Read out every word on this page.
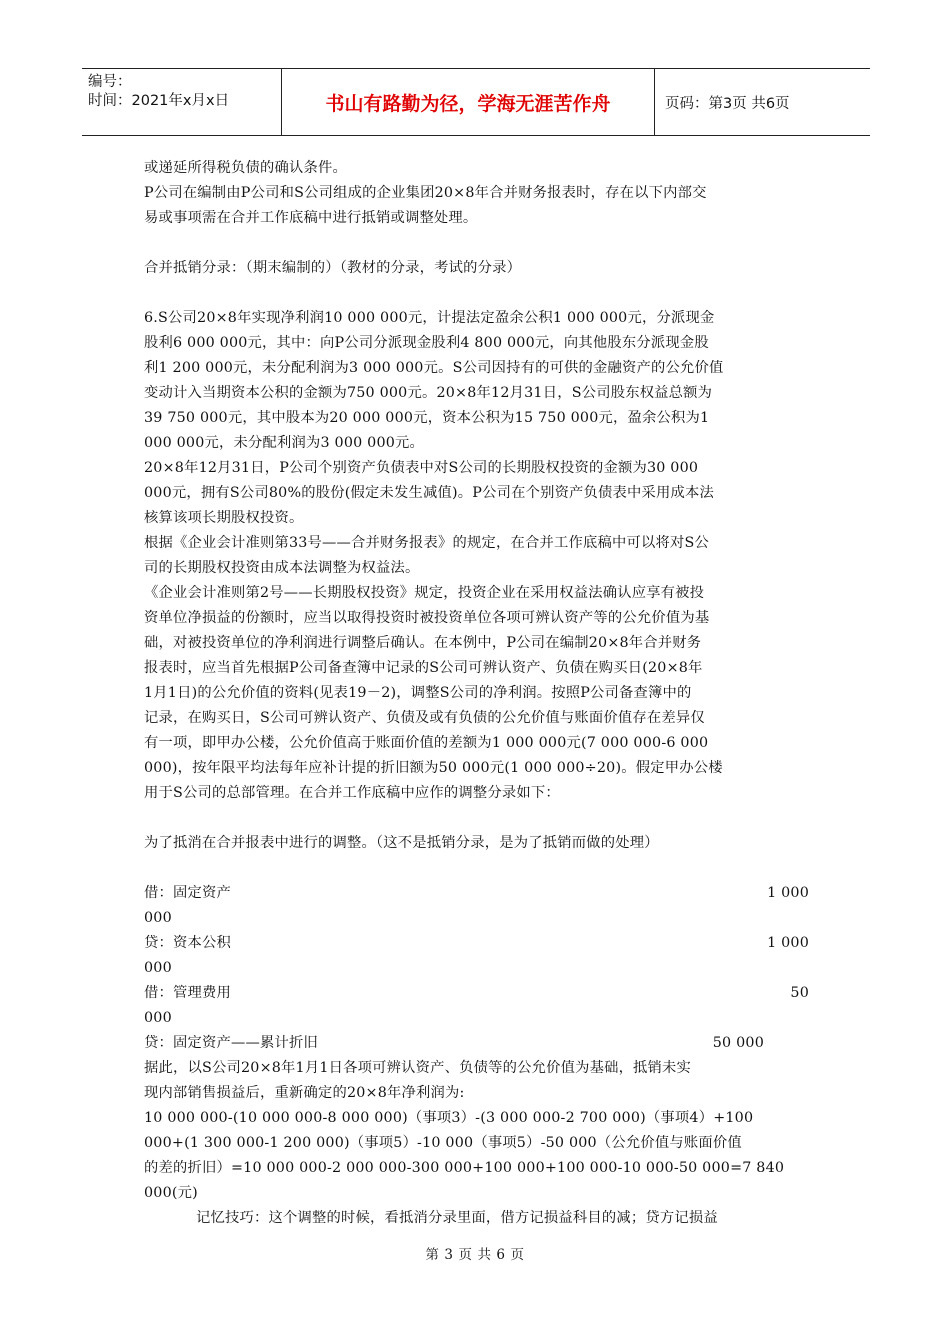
编号：
时间：2021年x月x日	书山有路勤为径，学海无涯苦作舟	页码：第3页 共6页

或递延所得税负债的确认条件。

P公司在编制由P公司和S公司组成的企业集团20×8年合并财务报表时，存在以下内部交

易或事项需在合并工作底稿中进行抵销或调整处理。

合并抵销分录：（期末编制的）（教材的分录，考试的分录）

6.S公司20×8年实现净利润10 000 000元，计提法定盈余公积1 000 000元，分派现金

股利6 000 000元，其中：向P公司分派现金股利4 800 000元，向其他股东分派现金股

利1 200 000元，未分配利润为3 000 000元。S公司因持有的可供的金融资产的公允价值

变动计入当期资本公积的金额为750 000元。20×8年12月31日，S公司股东权益总额为

39 750 000元，其中股本为20 000 000元，资本公积为15 750 000元，盈余公积为1

000 000元，未分配利润为3 000 000元。

20×8年12月31日，P公司个别资产负债表中对S公司的长期股权投资的金额为30 000

000元，拥有S公司80%的股份(假定未发生减值)。P公司在个别资产负债表中采用成本法

核算该项长期股权投资。

根据《企业会计准则第33号——合并财务报表》的规定，在合并工作底稿中可以将对S公

司的长期股权投资由成本法调整为权益法。

《企业会计准则第2号——长期股权投资》规定，投资企业在采用权益法确认应享有被投

资单位净损益的份额时，应当以取得投资时被投资单位各项可辨认资产等的公允价值为基

础，对被投资单位的净利润进行调整后确认。在本例中，P公司在编制20×8年合并财务

报表时，应当首先根据P公司备查簿中记录的S公司可辨认资产、负债在购买日(20×8年

1月1日)的公允价值的资料(见表19－2)，调整S公司的净利润。按照P公司备查簿中的

记录，在购买日，S公司可辨认资产、负债及或有负债的公允价值与账面价值存在差异仅

有一项，即甲办公楼，公允价值高于账面价值的差额为1 000 000元(7 000 000-6 000

000)，按年限平均法每年应补计提的折旧额为50 000元(1 000 000÷20)。假定甲办公楼

用于S公司的总部管理。在合并工作底稿中应作的调整分录如下：

为了抵消在合并报表中进行的调整。（这不是抵销分录，是为了抵销而做的处理）

借：固定资产	1 000

000

贷：资本公积	1 000

000

借：管理费用	50

000

贷：固定资产——累计折旧	50 000

据此，以S公司20×8年1月1日各项可辨认资产、负债等的公允价值为基础，抵销未实

现内部销售损益后，重新确定的20×8年净利润为:

10 000 000-(10 000 000-8 000 000)（事项3）-(3 000 000-2 700 000)（事项4）+100

000+(1 300 000-1 200 000)（事项5）-10 000（事项5）-50 000（公允价值与账面价值

的差的折旧）=10 000 000-2 000 000-300 000+100 000+100 000-10 000-50 000=7 840

000(元)

记忆技巧：这个调整的时候，看抵消分录里面，借方记损益科目的减；贷方记损益

第 3 页 共 6 页
